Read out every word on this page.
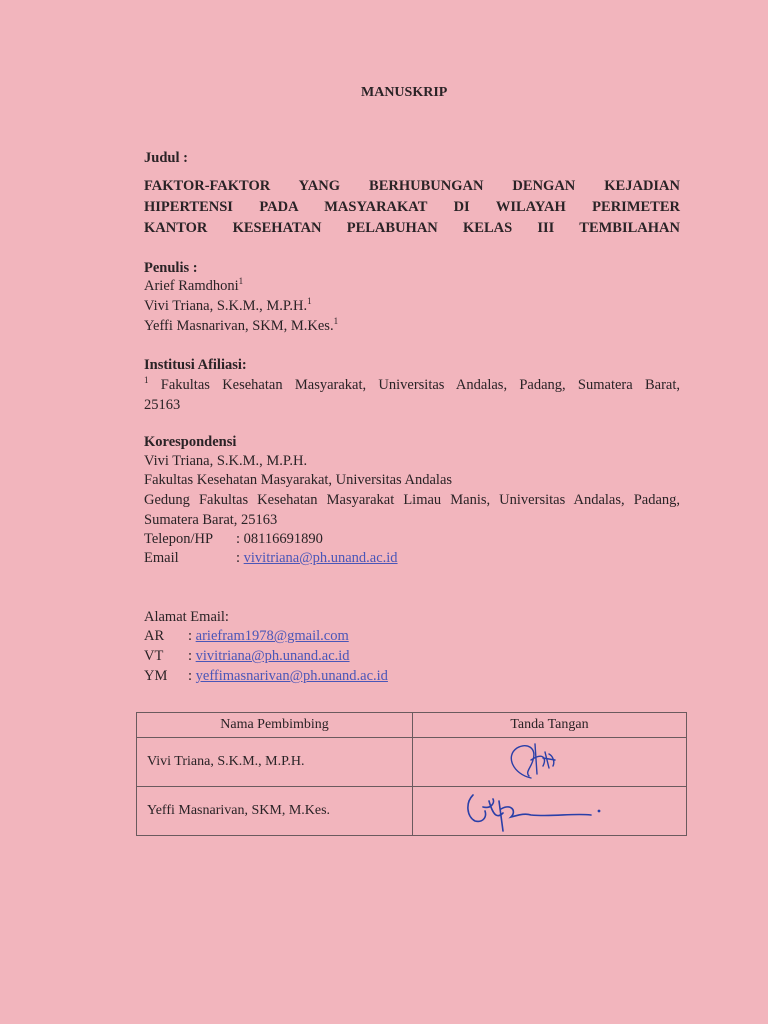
MANUSKRIP
Judul :
FAKTOR-FAKTOR YANG BERHUBUNGAN DENGAN KEJADIAN
HIPERTENSI PADA MASYARAKAT DI WILAYAH PERIMETER
KANTOR KESEHATAN PELABUHAN KELAS III TEMBILAHAN
Penulis :
Arief Ramdhoni$^1$
Vivi Triana, S.K.M., M.P.H.$^1$
Yeffi Masnarivan, SKM, M.Kes.$^1$
Institusi Afiliasi:
$^1$ Fakultas Kesehatan Masyarakat, Universitas Andalas, Padang, Sumatera Barat,
25163
Korespondensi
Vivi Triana, S.K.M., M.P.H.
Fakultas Kesehatan Masyarakat, Universitas Andalas
Gedung Fakultas Kesehatan Masyarakat Limau Manis, Universitas Andalas, Padang,
Sumatera Barat, 25163
Telepon/HP : 08116691890
Email	: vivitriana@ph.unand.ac.id
Alamat Email:
AR : ariefram1978@gmail.com
VT : vivitriana@ph.unand.ac.id
YM : yeffimasnarivan@ph.unand.ac.id
Nama Pembimbing	Tanda Tangan
Vivi Triana, S.K.M., M.P.H.	

Yeffi Masnarivan, SKM, M.Kes.	
